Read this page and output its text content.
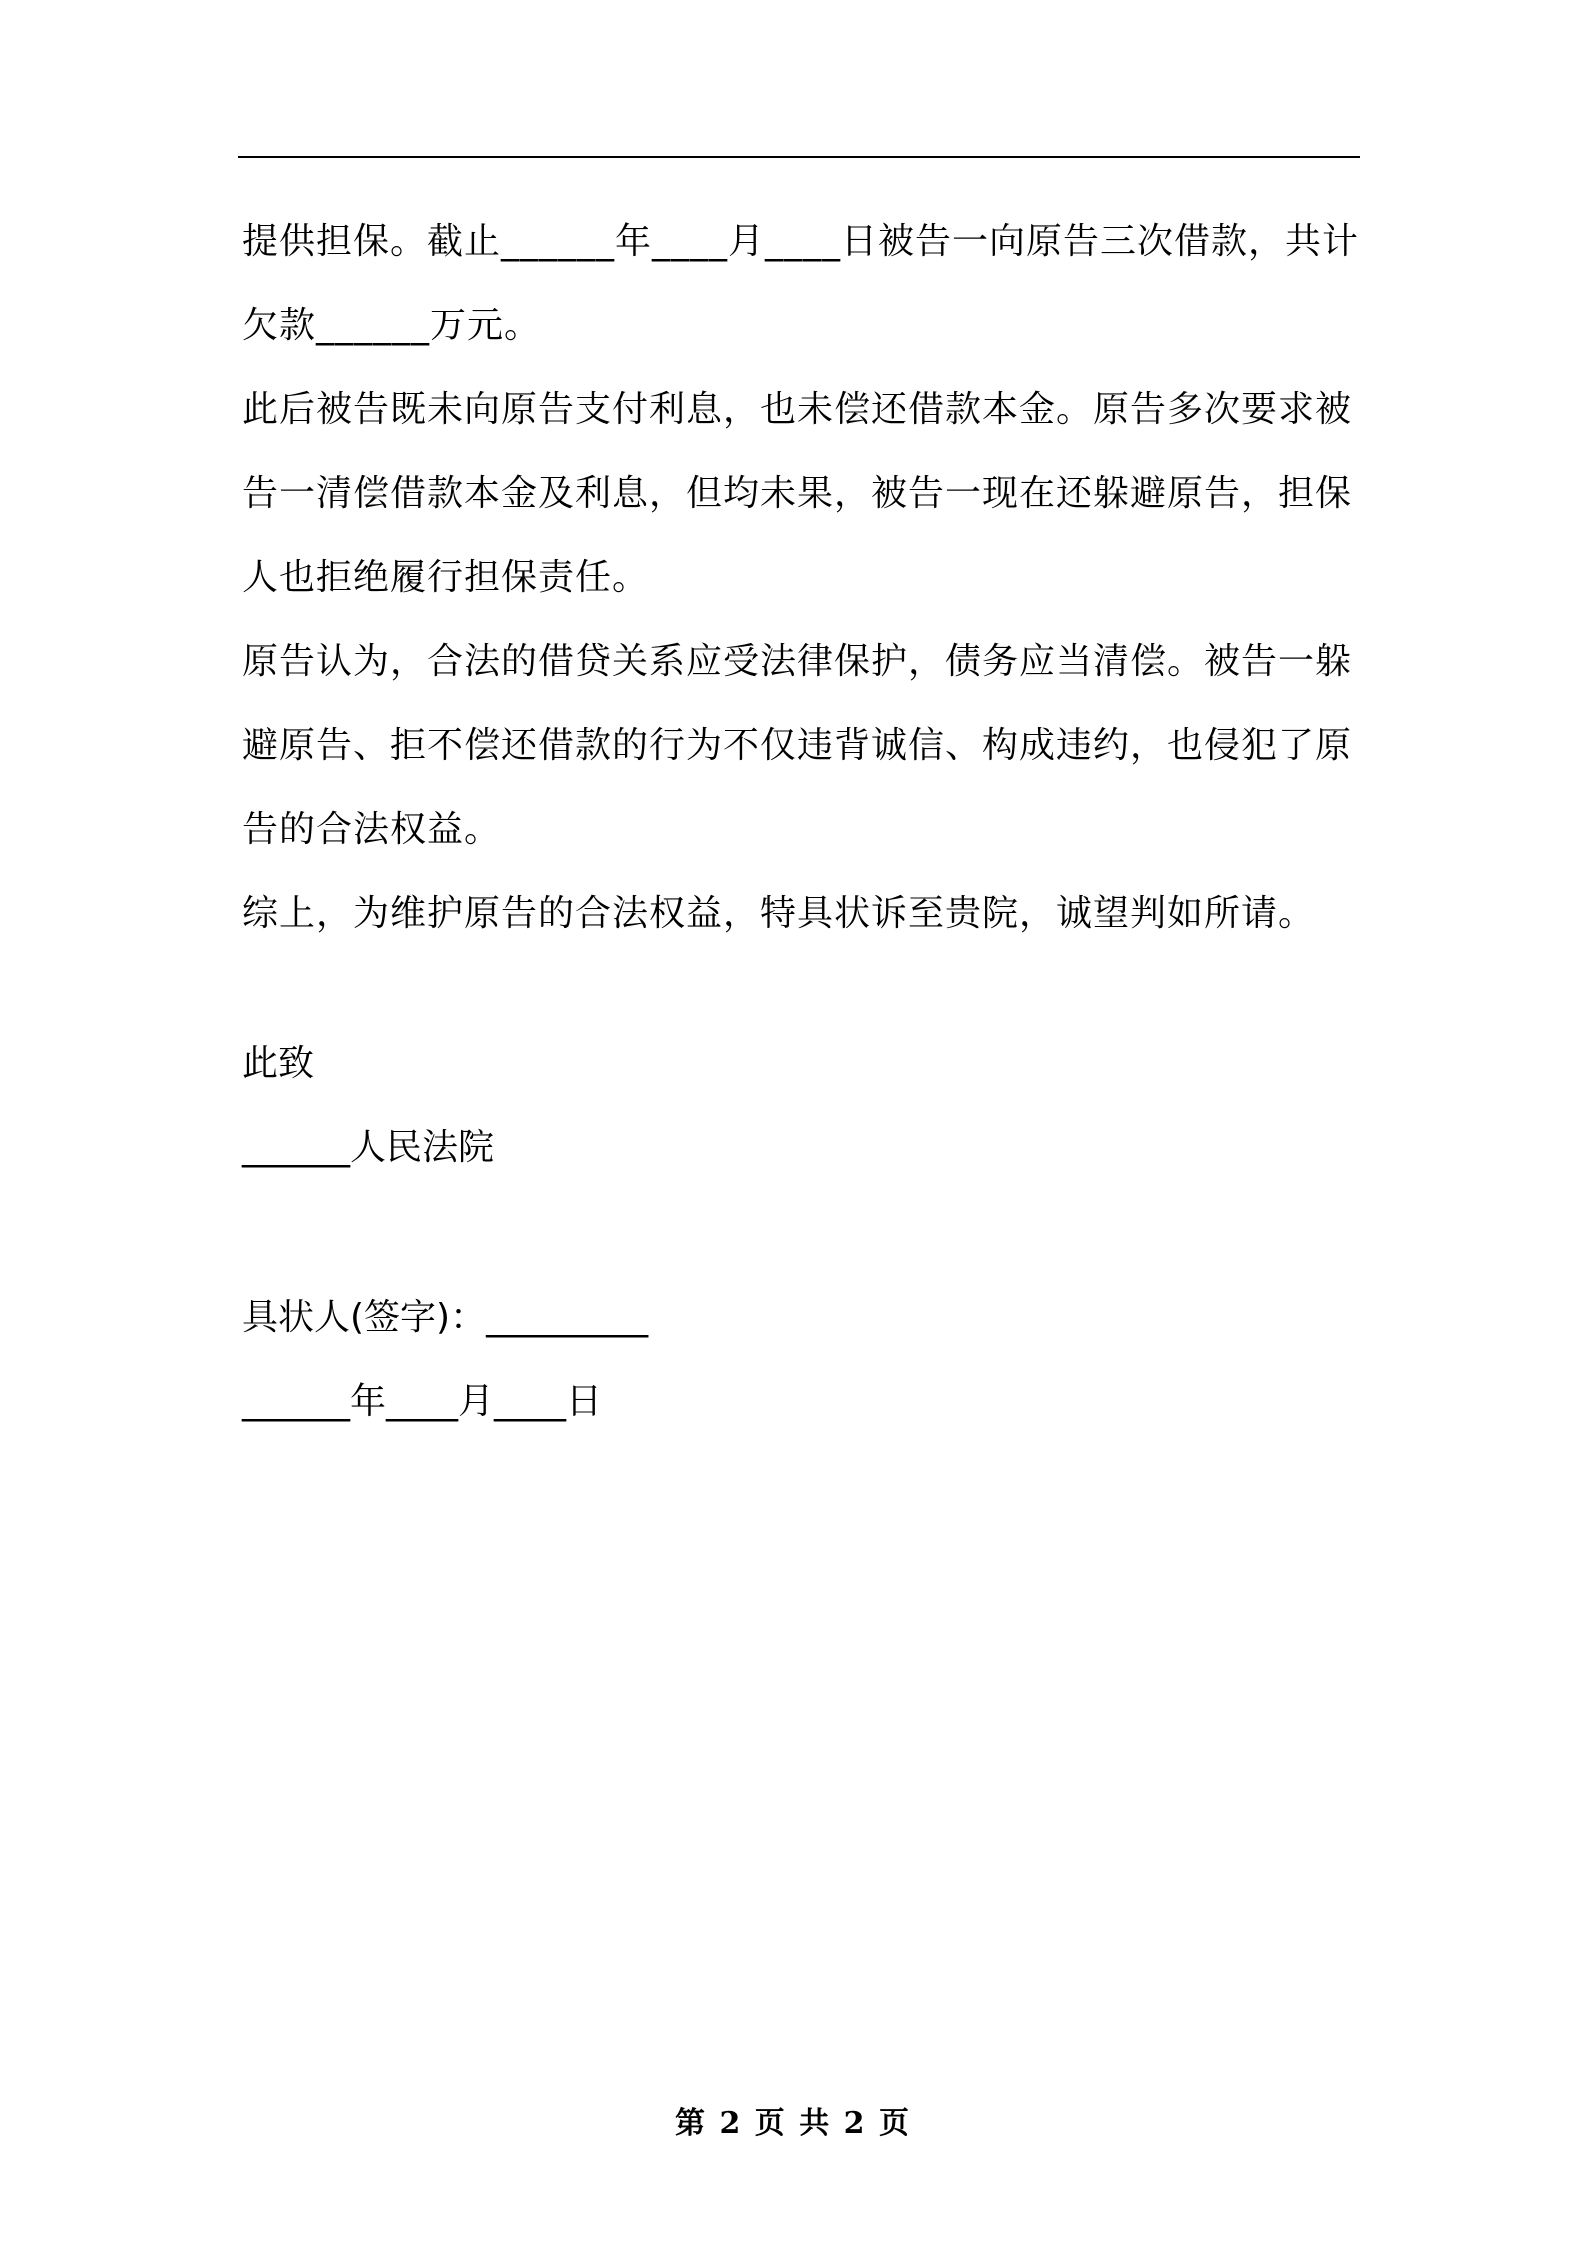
提供担保。截止______年____月____日被告一向原告三次借款，共计欠款______万元。

此后被告既未向原告支付利息，也未偿还借款本金。原告多次要求被告一清偿借款本金及利息，但均未果，被告一现在还躲避原告，担保人也拒绝履行担保责任。

原告认为，合法的借贷关系应受法律保护，债务应当清偿。被告一躲避原告、拒不偿还借款的行为不仅违背诚信、构成违约，也侵犯了原告的合法权益。

综上，为维护原告的合法权益，特具状诉至贵院，诚望判如所请。

此致

______人民法院

具状人(签字)：_________

______年____月____日

第 2 页 共 2 页
